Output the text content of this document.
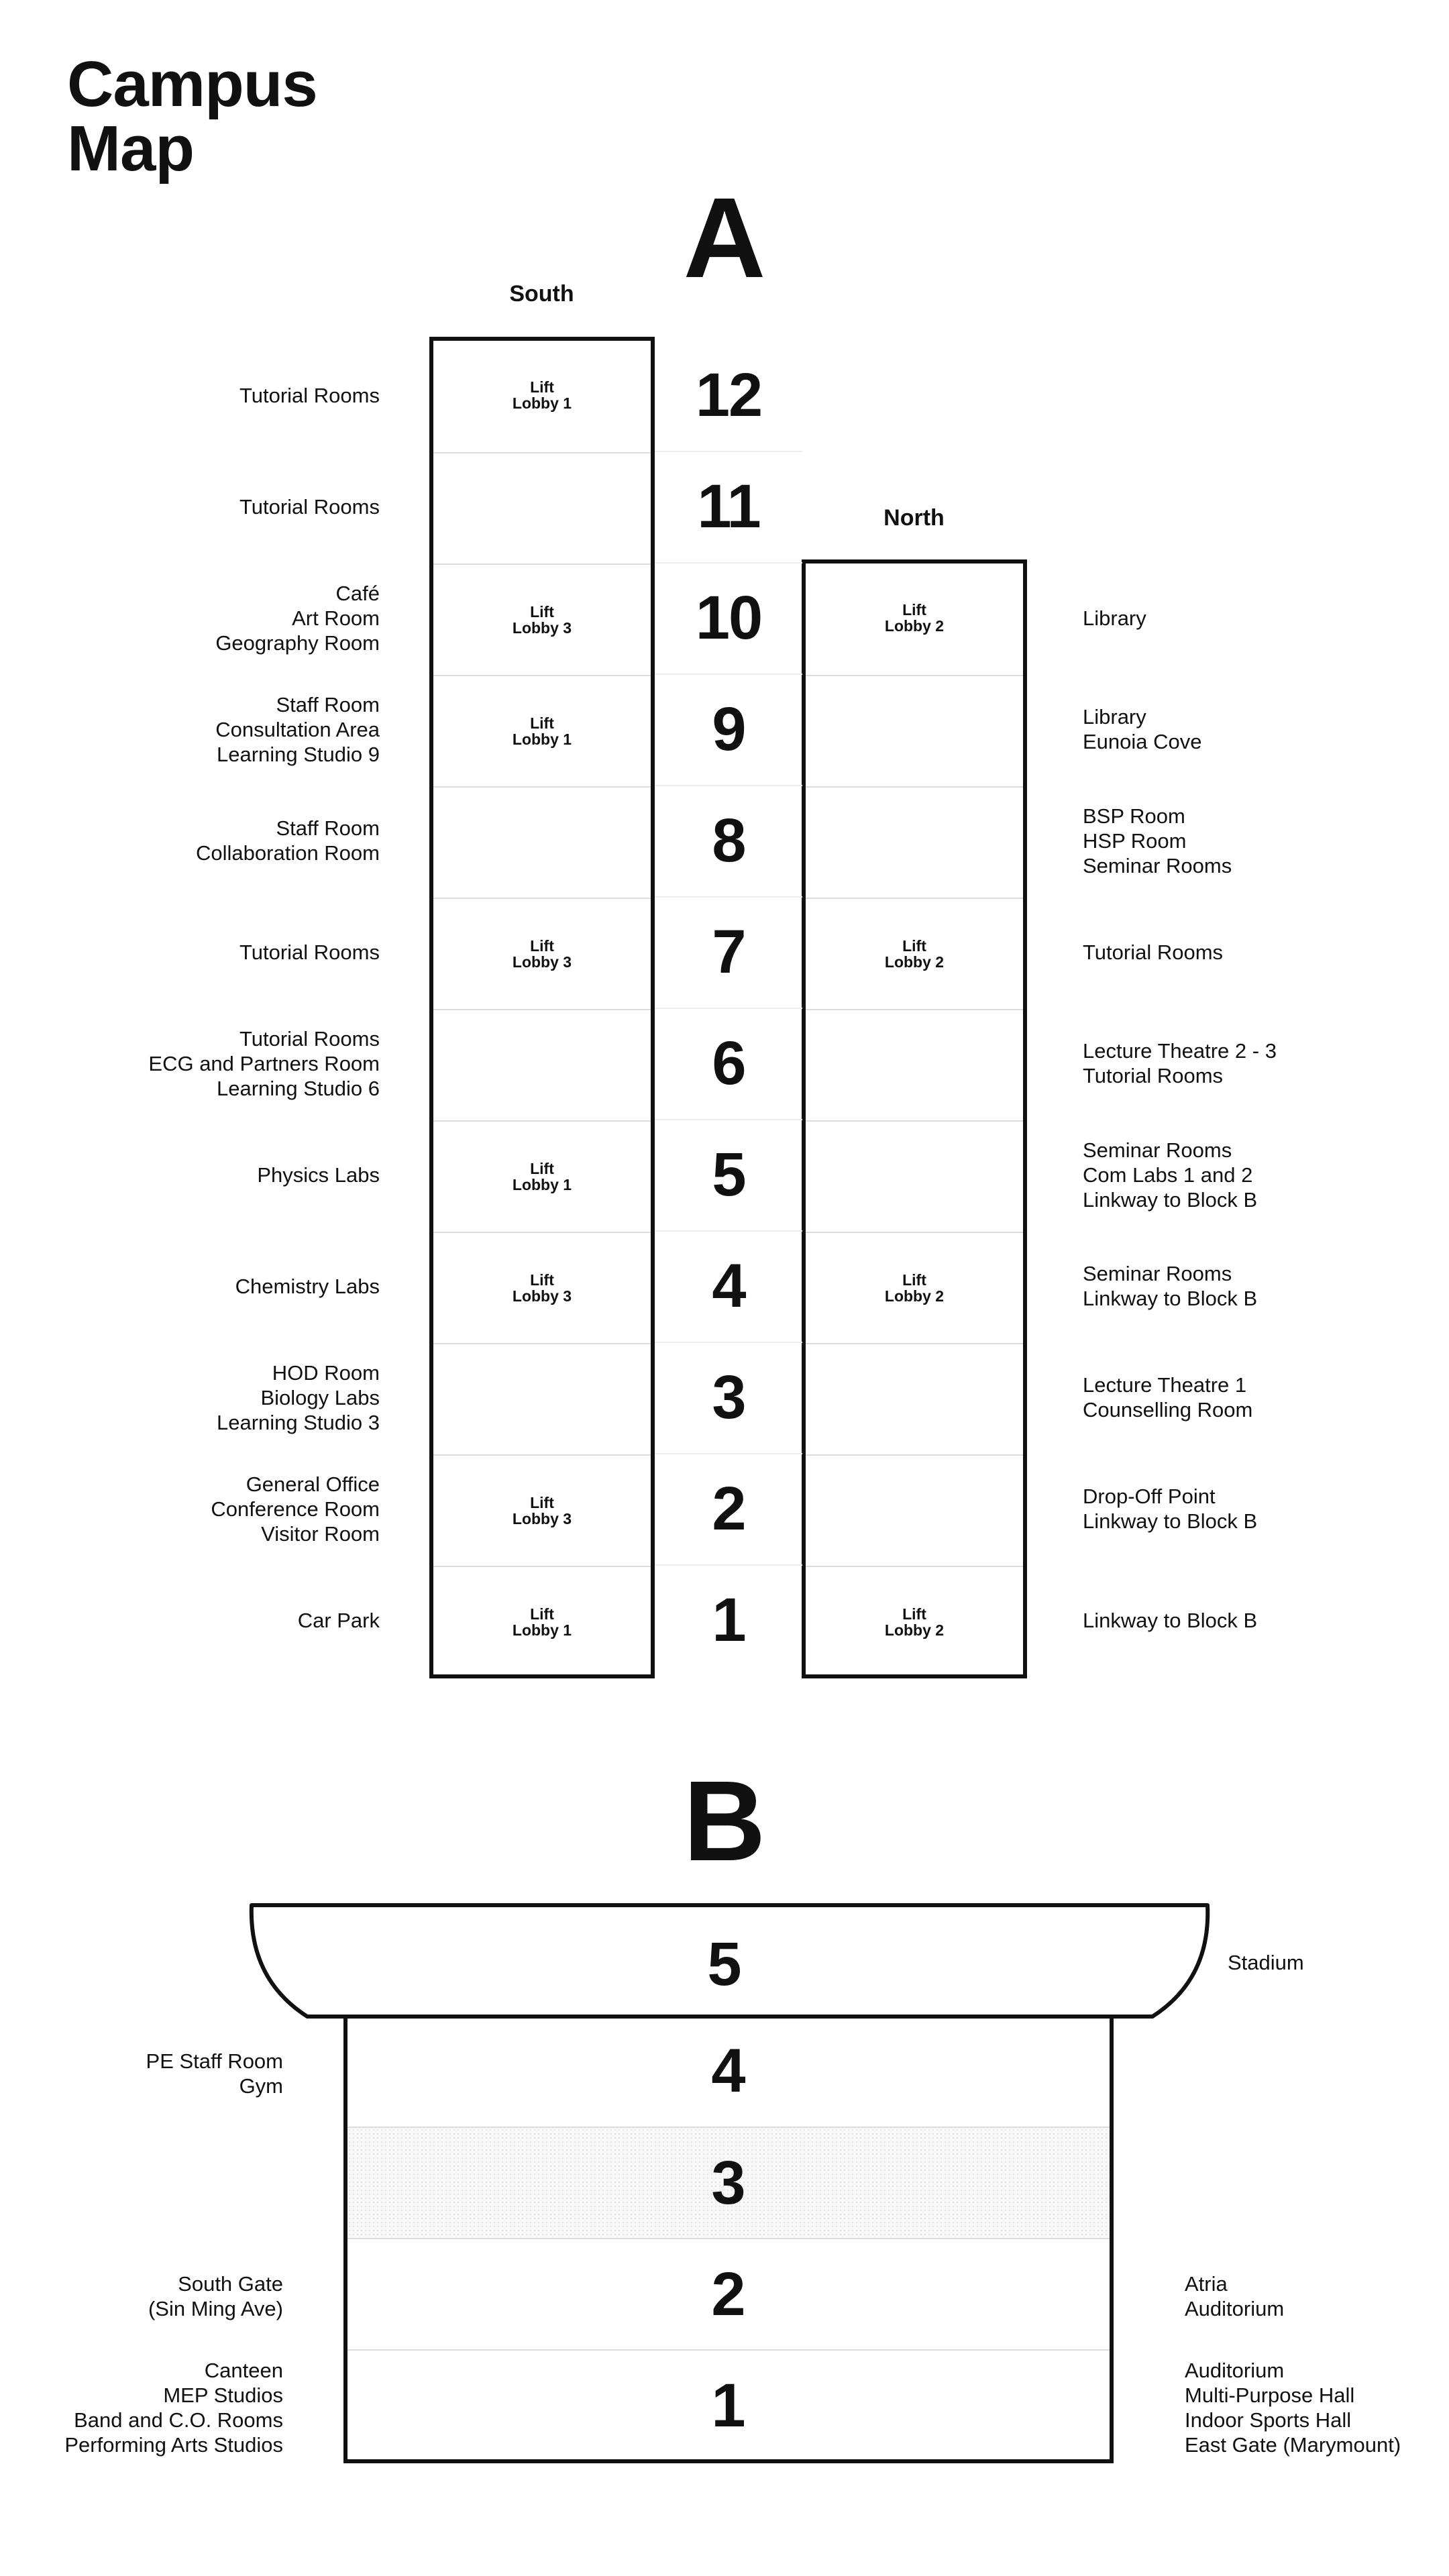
Campus
Map
A
South
North
Lift
Lobby 1
Lift
Lobby 3
Lift
Lobby 1
Lift
Lobby 3
Lift
Lobby 1
Lift
Lobby 3
Lift
Lobby 3
Lift
Lobby 1
Lift
Lobby 2
Lift
Lobby 2
Lift
Lobby 2
Lift
Lobby 2
12
11
10
9
8
7
6
5
4
3
2
1
Tutorial Rooms
Tutorial Rooms
Café
Art Room
Geography Room
Library
Staff Room
Consultation Area
Learning Studio 9
Library
Eunoia Cove
Staff Room
Collaboration Room
BSP Room
HSP Room
Seminar Rooms
Tutorial Rooms	Tutorial Rooms
Tutorial Rooms
ECG and Partners Room
Learning Studio 6
Lecture Theatre 2 - 3
Tutorial Rooms
Physics Labs
Seminar Rooms
Com Labs 1 and 2
Linkway to Block B
Chemistry Labs
Seminar Rooms
Linkway to Block B
HOD Room
Biology Labs
Learning Studio 3
Lecture Theatre 1
Counselling Room
General Office
Conference Room
Visitor Room
Drop-Off Point
Linkway to Block B
Car Park	Linkway to Block B
B
5
4
3
2
1
Stadium
PE Staff Room
Gym
South Gate
(Sin Ming Ave)
Atria
Auditorium
Canteen
MEP Studios
Band and C.O. Rooms
Performing Arts Studios
Auditorium
Multi-Purpose Hall
Indoor Sports Hall
East Gate (Marymount)
